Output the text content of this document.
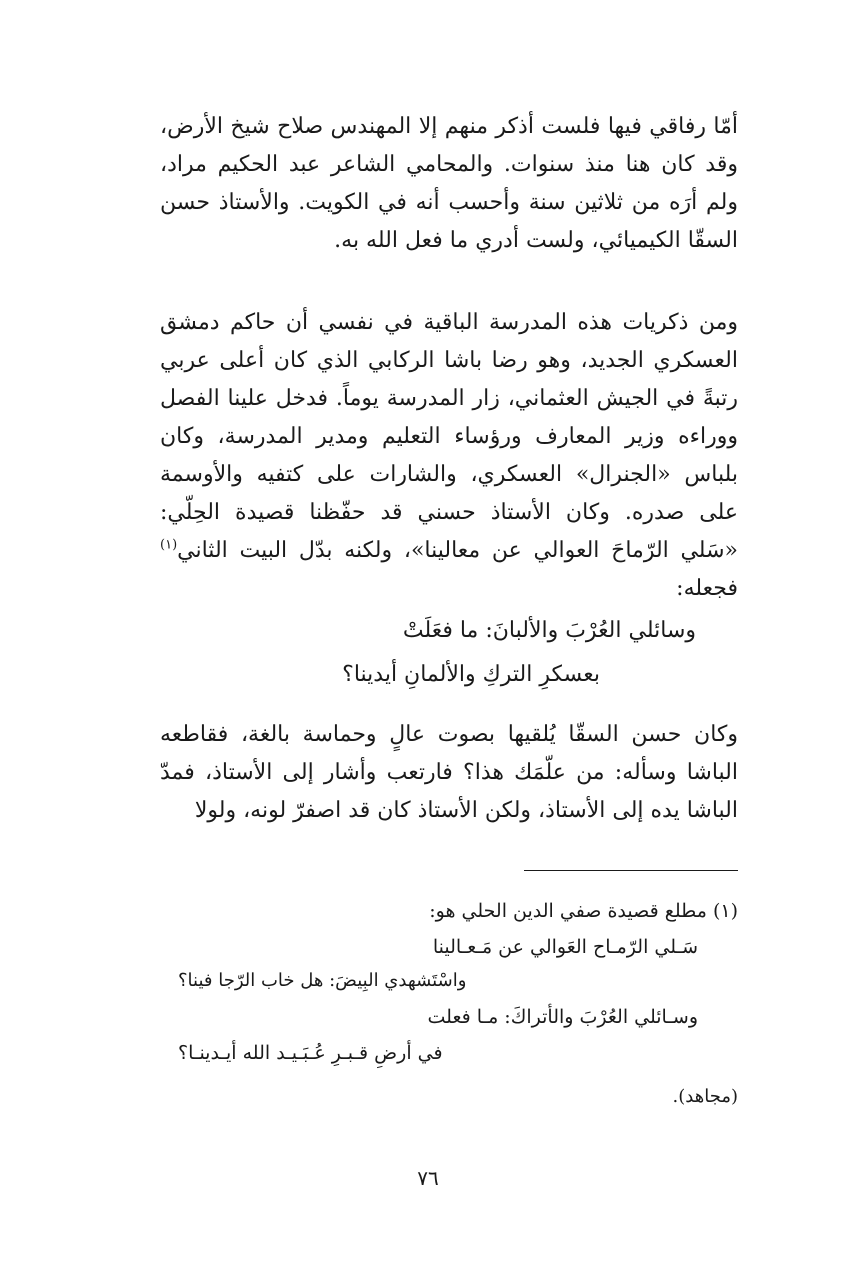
أمّا رفاقي فيها فلست أذكر منهم إلا المهندس صلاح شيخ الأرض، وقد كان هنا منذ سنوات. والمحامي الشاعر عبد الحكيم مراد، ولم أرَه من ثلاثين سنة وأحسب أنه في الكويت. والأستاذ حسن السقّا الكيميائي، ولست أدري ما فعل الله به.

ومن ذكريات هذه المدرسة الباقية في نفسي أن حاكم دمشق العسكري الجديد، وهو رضا باشا الركابي الذي كان أعلى عربي رتبةً في الجيش العثماني، زار المدرسة يوماً. فدخل علينا الفصل ووراءه وزير المعارف ورؤساء التعليم ومدير المدرسة، وكان بلباس «الجنرال» العسكري، والشارات على كتفيه والأوسمة على صدره. وكان الأستاذ حسني قد حفّظنا قصيدة الحِلّي: «سَلي الرّماحَ العوالي عن معالينا»، ولكنه بدّل البيت الثاني$^{(١)}$ فجعله:

وسائلي العُرْبَ والألبانَ: ما فعَلَتْ
بعسكرِ التركِ والألمانِ أيدينا؟

وكان حسن السقّا يُلقيها بصوت عالٍ وحماسة بالغة، فقاطعه الباشا وسأله: من علّمَك هذا؟ فارتعب وأشار إلى الأستاذ، فمدّ الباشا يده إلى الأستاذ، ولكن الأستاذ كان قد اصفرّ لونه، ولولا

(١) مطلع قصيدة صفي الدين الحلي هو:
سَـلي الرّمـاح العَوالي عن مَـعـالينا
واسْتَشهدي البِيضَ: هل خاب الرّجا فينا؟
وسـائلي العُرْبَ والأتراكَ: مـا فعلت
في أرضِ قـبـرِ عُـبَـيـد الله أيـدينـا؟
(مجاهد).
٧٦
